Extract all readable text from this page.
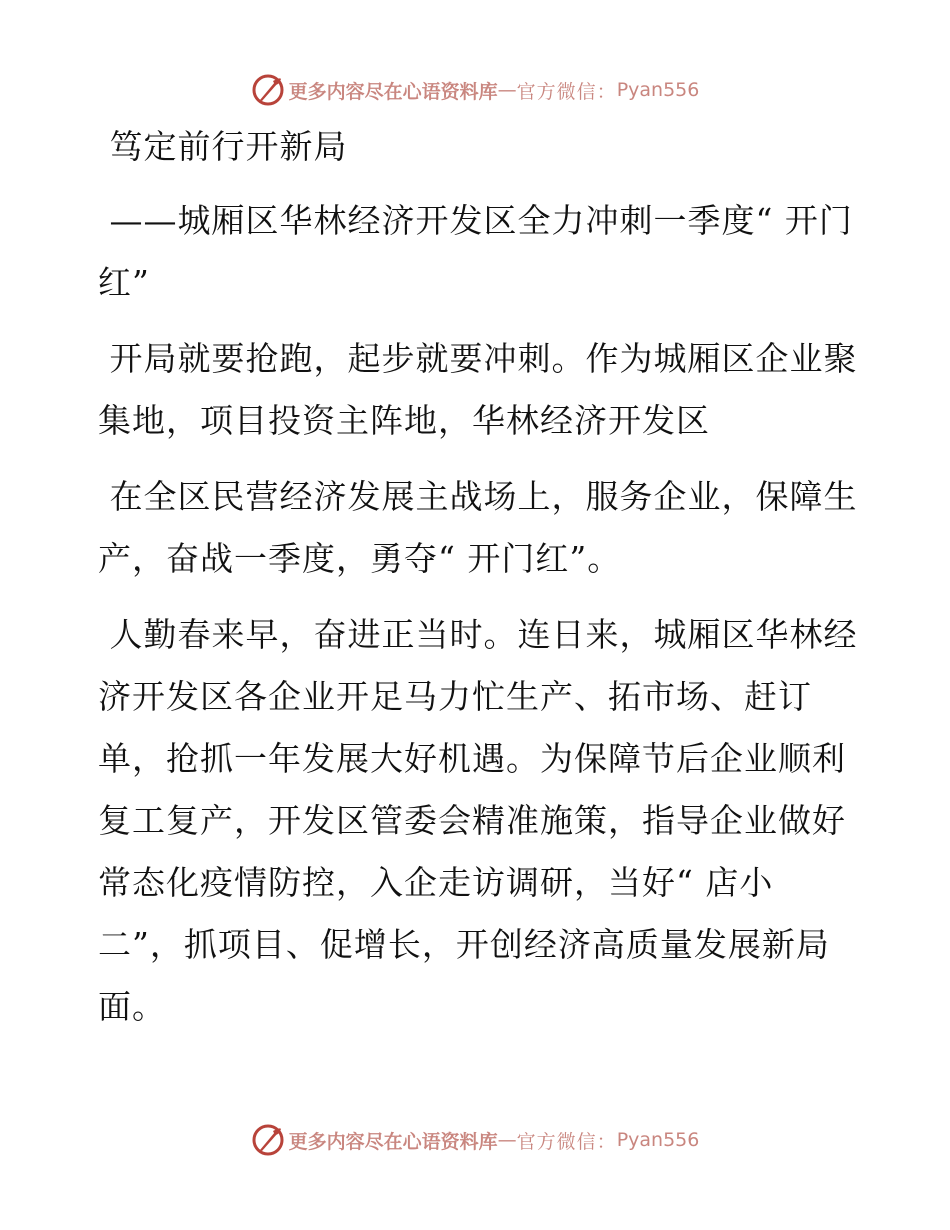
更多内容尽在心语资料库 — 官方微信： Pyan556

笃定前行开新局

——城厢区华林经济开发区全力冲刺一季度“ 开门红”

开局就要抢跑，起步就要冲刺。作为城厢区企业聚集地，项目投资主阵地，华林经济开发区

在全区民营经济发展主战场上，服务企业，保障生产，奋战一季度，勇夺“ 开门红”。

人勤春来早，奋进正当时。连日来，城厢区华林经济开发区各企业开足马力忙生产、拓市场、赶订单，抢抓一年发展大好机遇。为保障节后企业顺利复工复产，开发区管委会精准施策，指导企业做好常态化疫情防控，入企走访调研，当好“ 店小二”，抓项目、促增长，开创经济高质量发展新局面。

更多内容尽在心语资料库 — 官方微信： Pyan556
